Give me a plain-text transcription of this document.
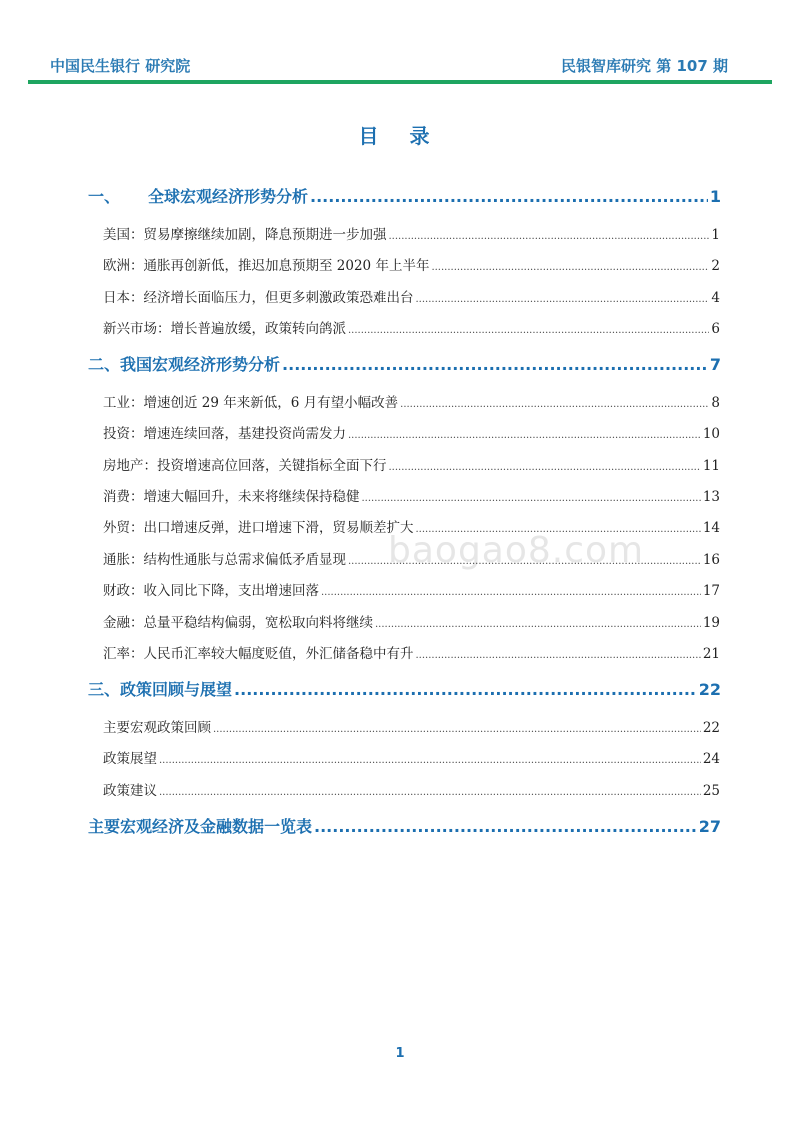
中国民生银行 研究院	民银智库研究 第 107 期
目 录
baogao8.com
一、	全球宏观经济形势分析 .....	1
美国：贸易摩擦继续加剧，降息预期进一步加强 .....	1
欧洲：通胀再创新低，推迟加息预期至 2020 年上半年 .....	2
日本：经济增长面临压力，但更多刺激政策恐难出台 .....	4
新兴市场：增长普遍放缓，政策转向鸽派 .....	6
二、 我国宏观经济形势分析 .....	7
工业：增速创近 29 年来新低，6 月有望小幅改善 .....	8
投资：增速连续回落，基建投资尚需发力 .....	10
房地产：投资增速高位回落，关键指标全面下行 .....	11
消费：增速大幅回升，未来将继续保持稳健 .....	13
外贸：出口增速反弹，进口增速下滑，贸易顺差扩大 .....	14
通胀：结构性通胀与总需求偏低矛盾显现 .....	16
财政：收入同比下降，支出增速回落 .....	17
金融：总量平稳结构偏弱，宽松取向料将继续 .....	19
汇率：人民币汇率较大幅度贬值，外汇储备稳中有升 .....	21
三、 政策回顾与展望 .....	22
主要宏观政策回顾 .....	22
政策展望 .....	24
政策建议 .....	25
主要宏观经济及金融数据一览表 .....	27
1
